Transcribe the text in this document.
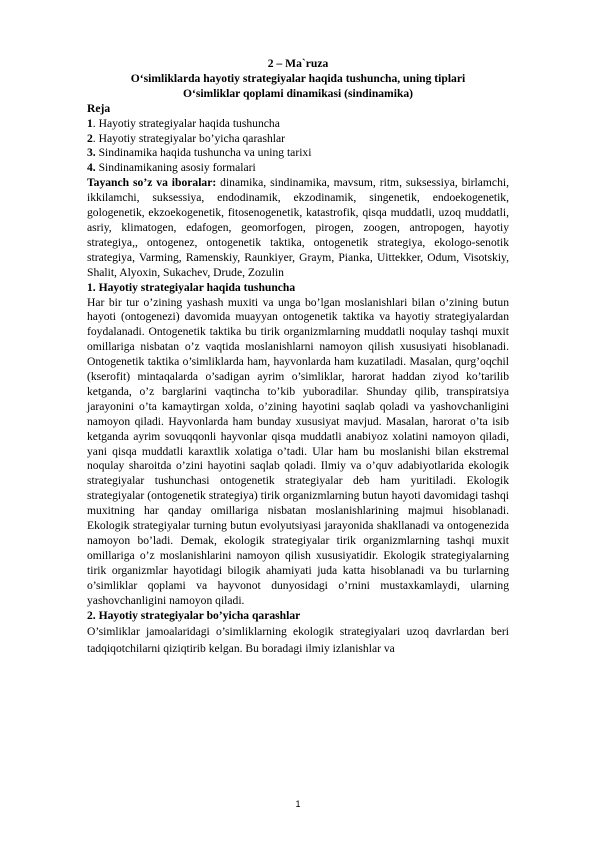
2 – Ma`ruza
O‘simliklarda hayotiy strategiyalar haqida tushuncha, uning tiplari
O‘simliklar qoplami dinamikasi (sindinamika)
Reja
1. Hayotiy strategiyalar haqida tushuncha
2. Hayotiy strategiyalar bo’yicha qarashlar
3. Sindinamika haqida tushuncha va uning tarixi
4. Sindinamikaning asosiy formalari
Tayanch so’z va iboralar: dinamika, sindinamika, mavsum, ritm, suksessiya, birlamchi, ikkilamchi, suksessiya, endodinamik, ekzodinamik, singenetik, endoekogenetik, gologenetik, ekzoekogenetik, fitosenogenetik, katastrofik, qisqa muddatli, uzoq muddatli, asriy, klimatogen, edafogen, geomorfogen, pirogen, zoogen, antropogen, hayotiy strategiya,, ontogenez, ontogenetik taktika, ontogenetik strategiya, ekologo-senotik strategiya, Varming, Ramenskiy, Raunkiyer, Graym, Pianka, Uittekker, Odum, Visotskiy, Shalit, Alyoxin, Sukachev, Drude, Zozulin
1. Hayotiy strategiyalar haqida tushuncha
Har bir tur o’zining yashash muxiti va unga bo’lgan moslanishlari bilan o’zining butun hayoti (ontogenezi) davomida muayyan ontogenetik taktika va hayotiy strategiyalardan foydalanadi. Ontogenetik taktika bu tirik organizmlarning muddatli noqulay tashqi muxit omillariga nisbatan o’z vaqtida moslanishlarni namoyon qilish xususiyati hisoblanadi. Ontogenetik taktika o’simliklarda ham, hayvonlarda ham kuzatiladi. Masalan, qurg’oqchil (kserofit) mintaqalarda o’sadigan ayrim o’simliklar, harorat haddan ziyod ko’tarilib ketganda, o’z barglarini vaqtincha to’kib yuboradilar. Shunday qilib, transpiratsiya jarayonini o’ta kamaytirgan xolda, o’zining hayotini saqlab qoladi va yashovchanligini namoyon qiladi. Hayvonlarda ham bunday xususiyat mavjud. Masalan, harorat o’ta isib ketganda ayrim sovuqqonli hayvonlar qisqa muddatli anabiyoz xolatini namoyon qiladi, yani qisqa muddatli karaxtlik xolatiga o’tadi. Ular ham bu moslanishi bilan ekstremal noqulay sharoitda o’zini hayotini saqlab qoladi. Ilmiy va o’quv adabiyotlarida ekologik strategiyalar tushunchasi ontogenetik strategiyalar deb ham yuritiladi. Ekologik strategiyalar (ontogenetik strategiya) tirik organizmlarning butun hayoti davomidagi tashqi muxitning har qanday omillariga nisbatan moslanishlarining majmui hisoblanadi. Ekologik strategiyalar turning butun evolyutsiyasi jarayonida shakllanadi va ontogenezida namoyon bo’ladi. Demak, ekologik strategiyalar tirik organizmlarning tashqi muxit omillariga o’z moslanishlarini namoyon qilish xususiyatidir. Ekologik strategiyalarning tirik organizmlar hayotidagi bilogik ahamiyati juda katta hisoblanadi va bu turlarning o’simliklar qoplami va hayvonot dunyosidagi o’rnini mustaxkamlaydi, ularning yashovchanligini namoyon qiladi.
2. Hayotiy strategiyalar bo’yicha qarashlar
O’simliklar jamoalaridagi o’simliklarning ekologik strategiyalari uzoq davrlardan beri tadqiqotchilarni qiziqtirib kelgan. Bu boradagi ilmiy izlanishlar va
1
